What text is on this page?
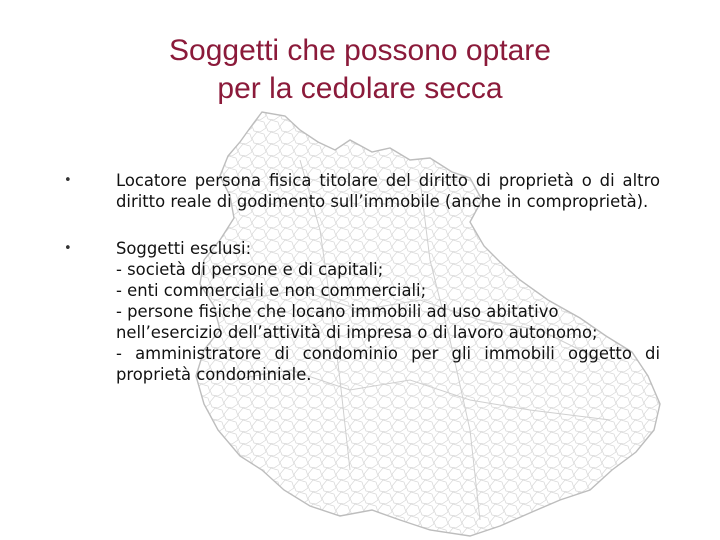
Soggetti che possono optare
per la cedolare secca
•	Locatore persona fisica titolare del diritto di proprietà o di altro diritto reale di godimento sull’immobile (anche in comproprietà).
•	Soggetti esclusi:
- società di persone e di capitali;
- enti commerciali e non commerciali;
- persone fisiche che locano immobili ad uso abitativo nell’esercizio dell’attività di impresa o di lavoro autonomo;
- amministratore di condominio per gli immobili oggetto di proprietà condominiale.
